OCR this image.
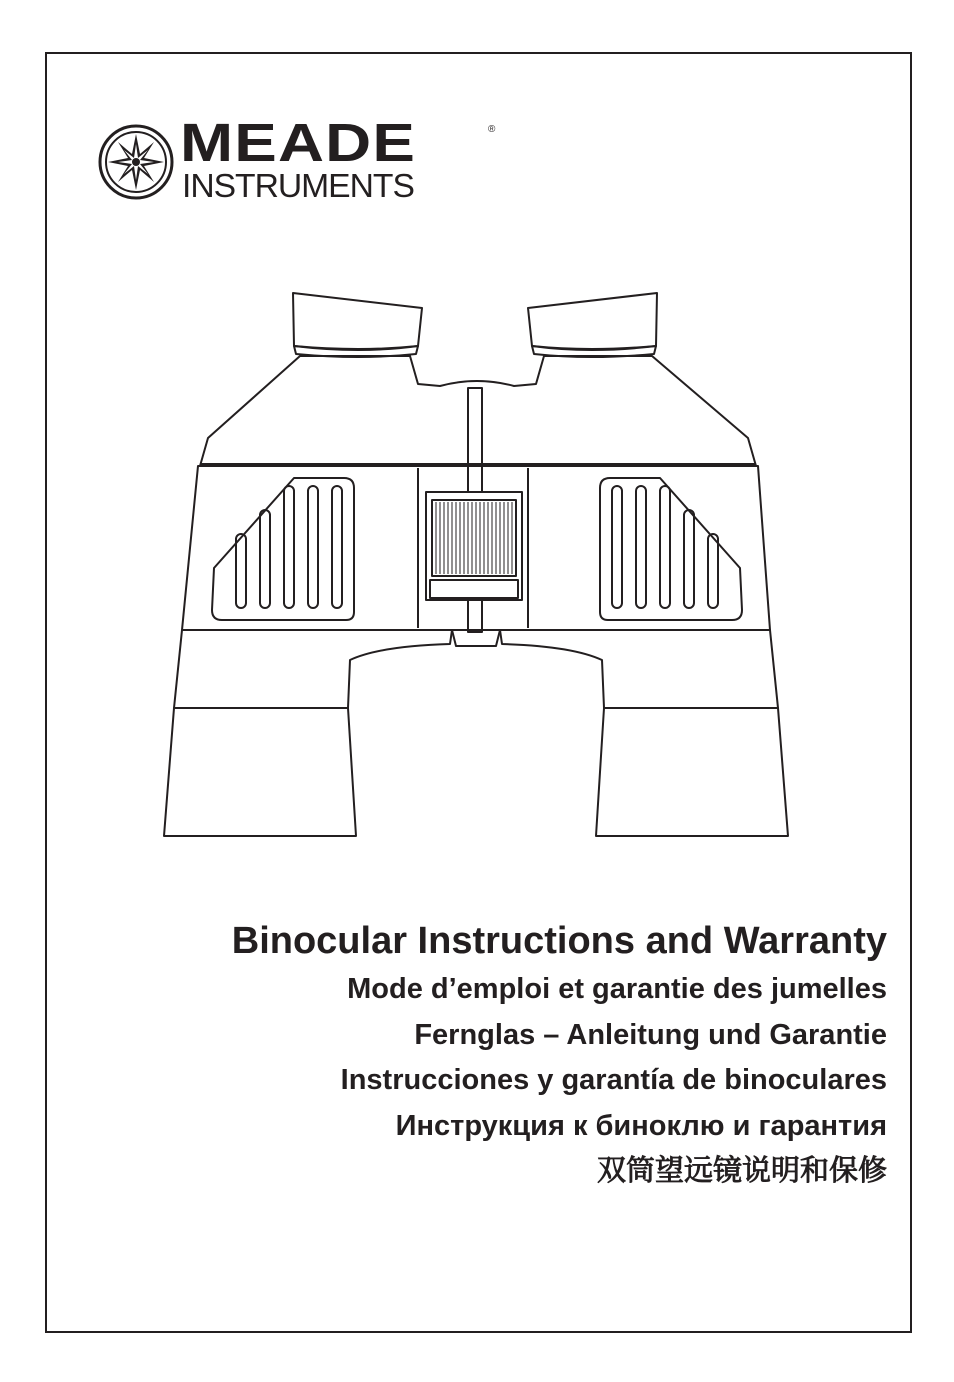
MEADE	®
INSTRUMENTS

Binocular Instructions and Warranty

Mode d’emploi et garantie des jumelles

Fernglas – Anleitung und Garantie

Instrucciones y garantía de binoculares

Инструкция к биноклю и гарантия

双筒望远镜说明和保修
